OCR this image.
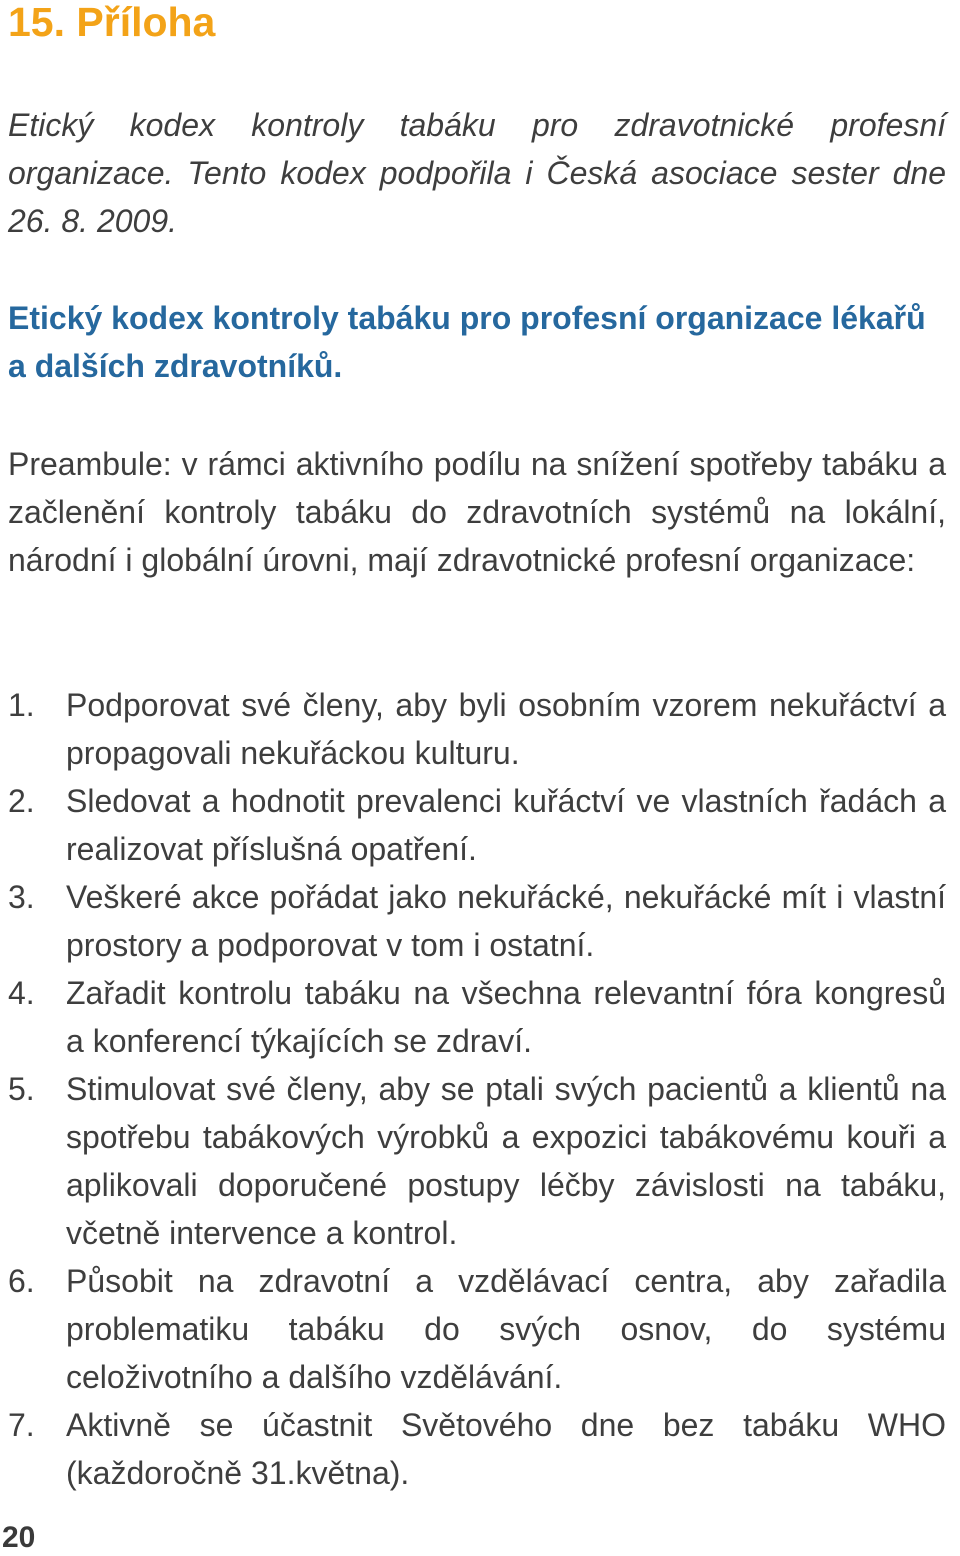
15. Příloha

Etický kodex kontroly tabáku pro zdravotnické profesní organizace. Tento kodex podpořila i Česká asociace sester dne 26. 8. 2009.

Etický kodex kontroly tabáku pro profesní organizace lékařů a dalších zdravotníků.

Preambule: v rámci aktivního podílu na snížení spotřeby tabáku a začlenění kontroly tabáku do zdravotních systémů na lokální, národní i globální úrovni, mají zdravotnické profesní organizace:

1. Podporovat své členy, aby byli osobním vzorem nekuřáctví a propagovali nekuřáckou kulturu.
2. Sledovat a hodnotit prevalenci kuřáctví ve vlastních řadách a realizovat příslušná opatření.
3. Veškeré akce pořádat jako nekuřácké, nekuřácké mít i vlastní prostory a podporovat v tom i ostatní.
4. Zařadit kontrolu tabáku na všechna relevantní fóra kongresů a konferencí týkajících se zdraví.
5. Stimulovat své členy, aby se ptali svých pacientů a klientů na spotřebu tabákových výrobků a expozici tabákovému kouři a aplikovali doporučené postupy léčby závislosti na tabáku, včetně intervence a kontrol.
6. Působit na zdravotní a vzdělávací centra, aby zařadila problematiku tabáku do svých osnov, do systému celoživotního a dalšího vzdělávání.
7. Aktivně se účastnit Světového dne bez tabáku WHO (každoročně 31.května).
20
